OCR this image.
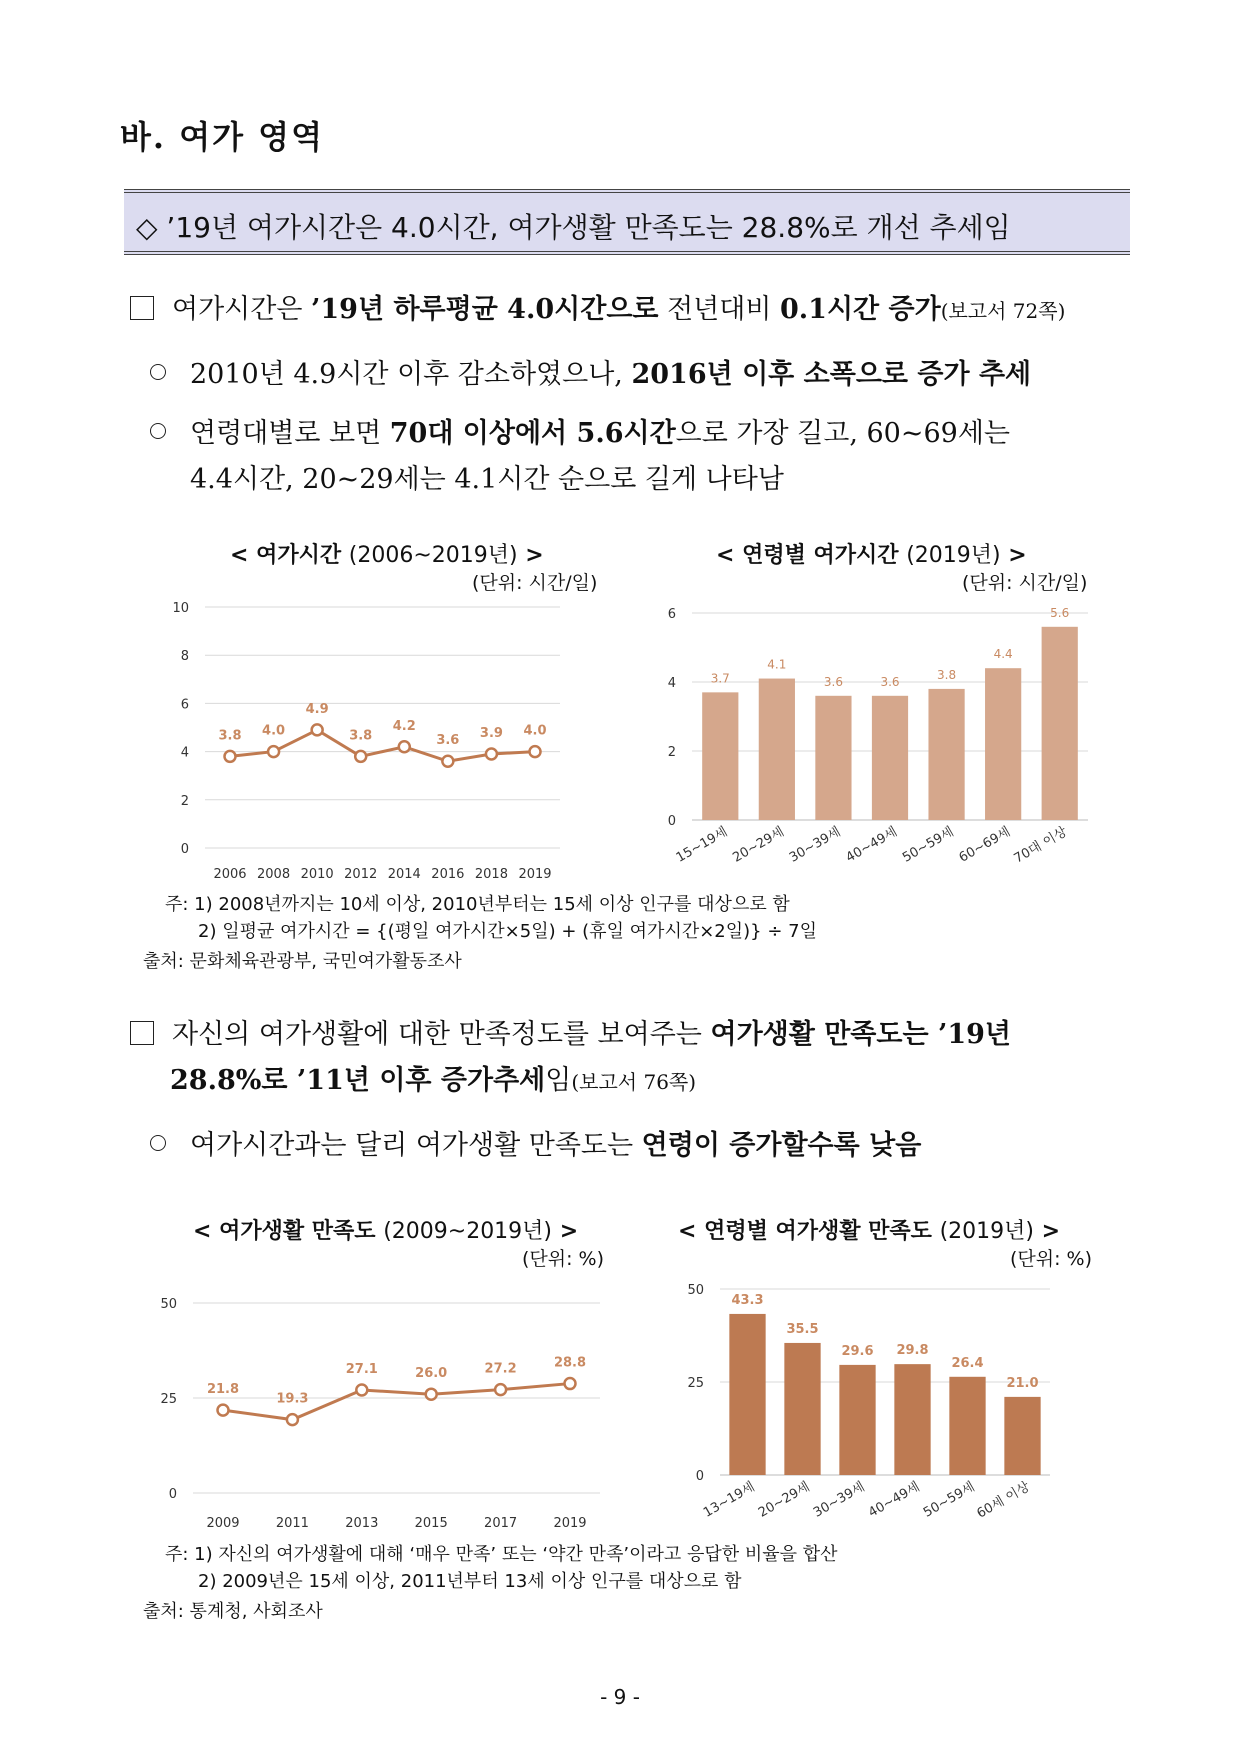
바. 여가 영역
◇ ’19년 여가시간은 4.0시간, 여가생활 만족도는 28.8%로 개선 추세임
여가시간은 ’19년 하루평균 4.0시간으로 전년대비 0.1시간 증가(보고서 72쪽)
2010년 4.9시간 이후 감소하였으나, 2016년 이후 소폭으로 증가 추세
연령대별로 보면 70대 이상에서 5.6시간으로 가장 길고, 60~69세는
4.4시간, 20~29세는 4.1시간 순으로 길게 나타남
< 여가시간 (2006~2019년) >
(단위: 시간/일)
< 연령별 여가시간 (2019년) >
(단위: 시간/일)
0
2
4
6
8
10
3.8
2006
4.0
2008
4.9
2010
3.8
2012
4.2
2014
3.6
2016
3.9
2018
4.0
2019
0
2
4
6
3.7
15~19세
4.1
20~29세
3.6
30~39세
3.6
40~49세
3.8
50~59세
4.4
60~69세
5.6
70대 이상
주: 1) 2008년까지는 10세 이상, 2010년부터는 15세 이상 인구를 대상으로 함
2) 일평균 여가시간 = {(평일 여가시간×5일) + (휴일 여가시간×2일)} ÷ 7일
출처: 문화체육관광부, 국민여가활동조사
자신의 여가생활에 대한 만족정도를 보여주는 여가생활 만족도는 ’19년
28.8%로 ’11년 이후 증가추세임(보고서 76쪽)
여가시간과는 달리 여가생활 만족도는 연령이 증가할수록 낮음
< 여가생활 만족도 (2009~2019년) >
(단위: %)
< 연령별 여가생활 만족도 (2019년) >
(단위: %)
0
25
50
21.8
2009
19.3
2011
27.1
2013
26.0
2015
27.2
2017
28.8
2019
0
25
50
43.3
13~19세
35.5
20~29세
29.6
30~39세
29.8
40~49세
26.4
50~59세
21.0
60세 이상
주: 1) 자신의 여가생활에 대해 ‘매우 만족’ 또는 ‘약간 만족’이라고 응답한 비율을 합산
2) 2009년은 15세 이상, 2011년부터 13세 이상 인구를 대상으로 함
출처: 통계청, 사회조사
- 9 -
